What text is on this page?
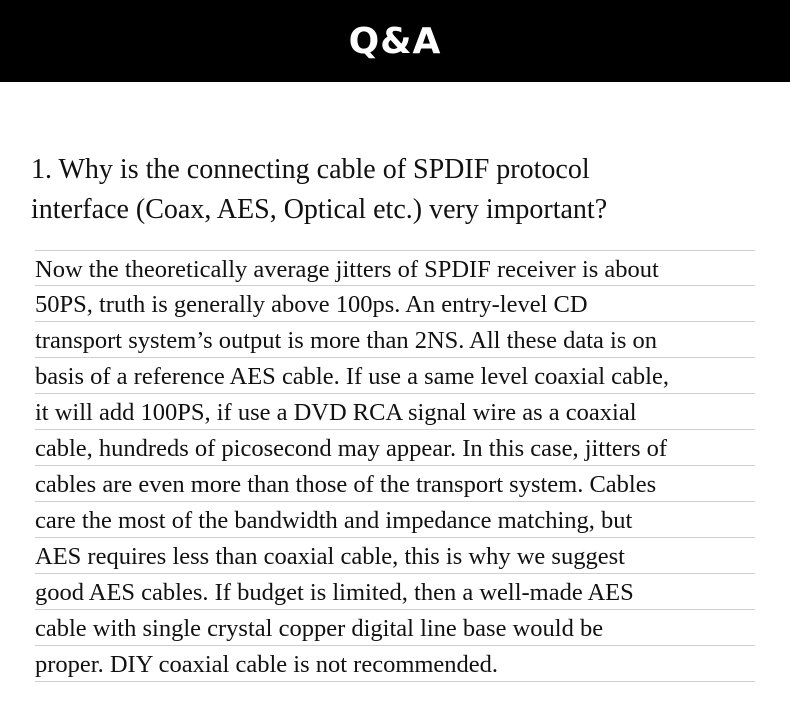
Q&A
1. Why is the connecting cable of SPDIF protocol
interface (Coax, AES, Optical etc.) very important?
Now the theoretically average jitters of SPDIF receiver is about
50PS, truth is generally above 100ps. An entry-level CD
transport system’s output is more than 2NS. All these data is on
basis of a reference AES cable. If use a same level coaxial cable,
it will add 100PS, if use a DVD RCA signal wire as a coaxial
cable, hundreds of picosecond may appear. In this case, jitters of
cables are even more than those of the transport system. Cables
care the most of the bandwidth and impedance matching, but
AES requires less than coaxial cable, this is why we suggest
good AES cables. If budget is limited, then a well-made AES
cable with single crystal copper digital line base would be
proper. DIY coaxial cable is not recommended.
